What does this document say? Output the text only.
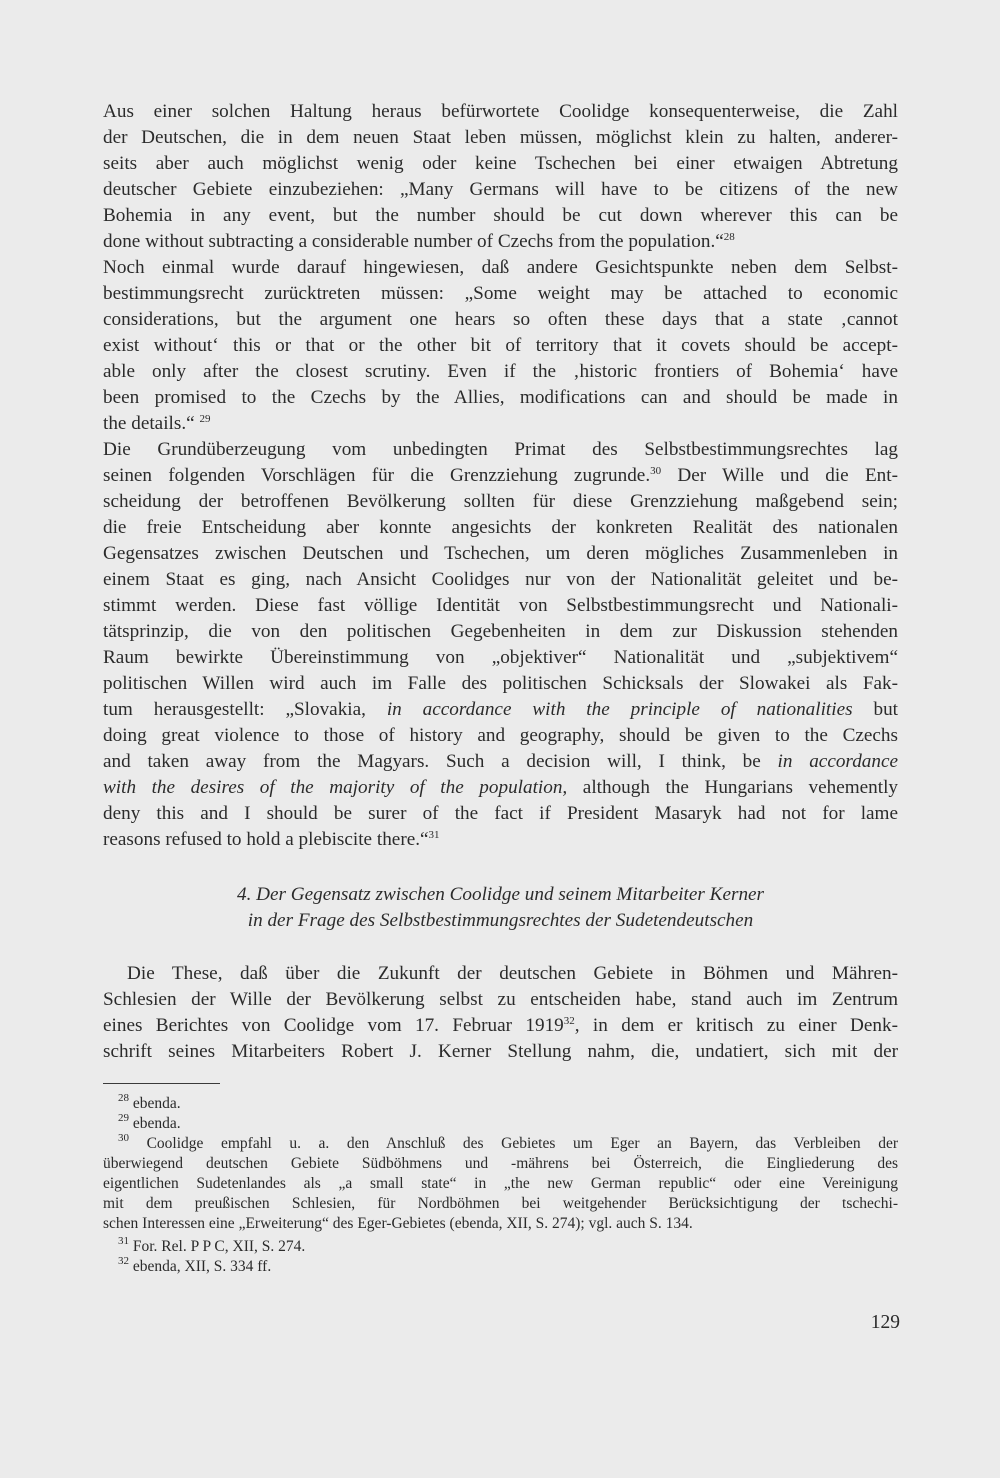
Aus einer solchen Haltung heraus befürwortete Coolidge konsequenterweise, die Zahl
der Deutschen, die in dem neuen Staat leben müssen, möglichst klein zu halten, anderer-
seits aber auch möglichst wenig oder keine Tschechen bei einer etwaigen Abtretung
deutscher Gebiete einzubeziehen: „Many Germans will have to be citizens of the new
Bohemia in any event, but the number should be cut down wherever this can be
done without subtracting a considerable number of Czechs from the population.“$^{28}$
Noch einmal wurde darauf hingewiesen, daß andere Gesichtspunkte neben dem Selbst-
bestimmungsrecht zurücktreten müssen: „Some weight may be attached to economic
considerations, but the argument one hears so often these days that a state ‚cannot
exist without‘ this or that or the other bit of territory that it covets should be accept-
able only after the closest scrutiny. Even if the ‚historic frontiers of Bohemia‘ have
been promised to the Czechs by the Allies, modifications can and should be made in
the details.“ $^{29}$
Die Grundüberzeugung vom unbedingten Primat des Selbstbestimmungsrechtes lag
seinen folgenden Vorschlägen für die Grenzziehung zugrunde.$^{30}$ Der Wille und die Ent-
scheidung der betroffenen Bevölkerung sollten für diese Grenzziehung maßgebend sein;
die freie Entscheidung aber konnte angesichts der konkreten Realität des nationalen
Gegensatzes zwischen Deutschen und Tschechen, um deren mögliches Zusammenleben in
einem Staat es ging, nach Ansicht Coolidges nur von der Nationalität geleitet und be-
stimmt werden. Diese fast völlige Identität von Selbstbestimmungsrecht und Nationali-
tätsprinzip, die von den politischen Gegebenheiten in dem zur Diskussion stehenden
Raum bewirkte Übereinstimmung von „objektiver“ Nationalität und „subjektivem“
politischen Willen wird auch im Falle des politischen Schicksals der Slowakei als Fak-
tum herausgestellt: „Slovakia, in accordance with the principle of nationalities but
doing great violence to those of history and geography, should be given to the Czechs
and taken away from the Magyars. Such a decision will, I think, be in accordance
with the desires of the majority of the population, although the Hungarians vehemently
deny this and I should be surer of the fact if President Masaryk had not for lame
reasons refused to hold a plebiscite there.“$^{31}$
4. Der Gegensatz zwischen Coolidge und seinem Mitarbeiter Kerner
in der Frage des Selbstbestimmungsrechtes der Sudetendeutschen
Die These, daß über die Zukunft der deutschen Gebiete in Böhmen und Mähren-
Schlesien der Wille der Bevölkerung selbst zu entscheiden habe, stand auch im Zentrum
eines Berichtes von Coolidge vom 17. Februar 1919$^{32}$, in dem er kritisch zu einer Denk-
schrift seines Mitarbeiters Robert J. Kerner Stellung nahm, die, undatiert, sich mit der
$^{28}$ ebenda.
$^{29}$ ebenda.
$^{30}$ Coolidge empfahl u. a. den Anschluß des Gebietes um Eger an Bayern, das Verbleiben der
überwiegend deutschen Gebiete Südböhmens und -mährens bei Österreich, die Eingliederung des
eigentlichen Sudetenlandes als „a small state“ in „the new German republic“ oder eine Vereinigung
mit dem preußischen Schlesien, für Nordböhmen bei weitgehender Berücksichtigung der tschechi-
schen Interessen eine „Erweiterung“ des Eger-Gebietes (ebenda, XII, S. 274); vgl. auch S. 134.
$^{31}$ For. Rel. P P C, XII, S. 274.
$^{32}$ ebenda, XII, S. 334 ff.
129
